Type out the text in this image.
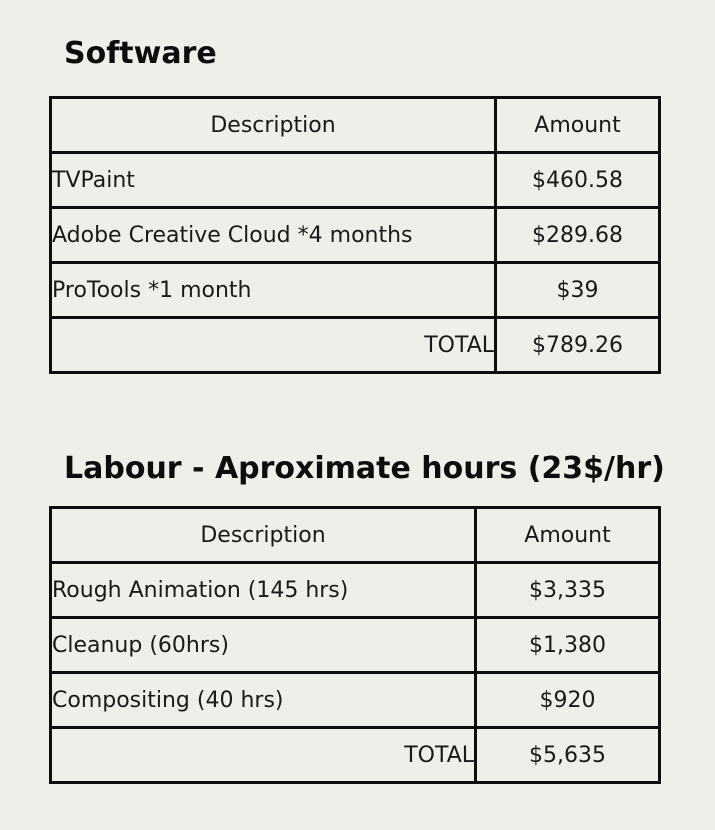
Software
Description	Amount
TVPaint	$460.58
Adobe Creative Cloud *4 months	$289.68
ProTools *1 month	$39
TOTAL	$789.26
Labour - Aproximate hours (23$/hr)
Description	Amount
Rough Animation (145 hrs)	$3,335
Cleanup (60hrs)	$1,380
Compositing (40 hrs)	$920
TOTAL	$5,635
